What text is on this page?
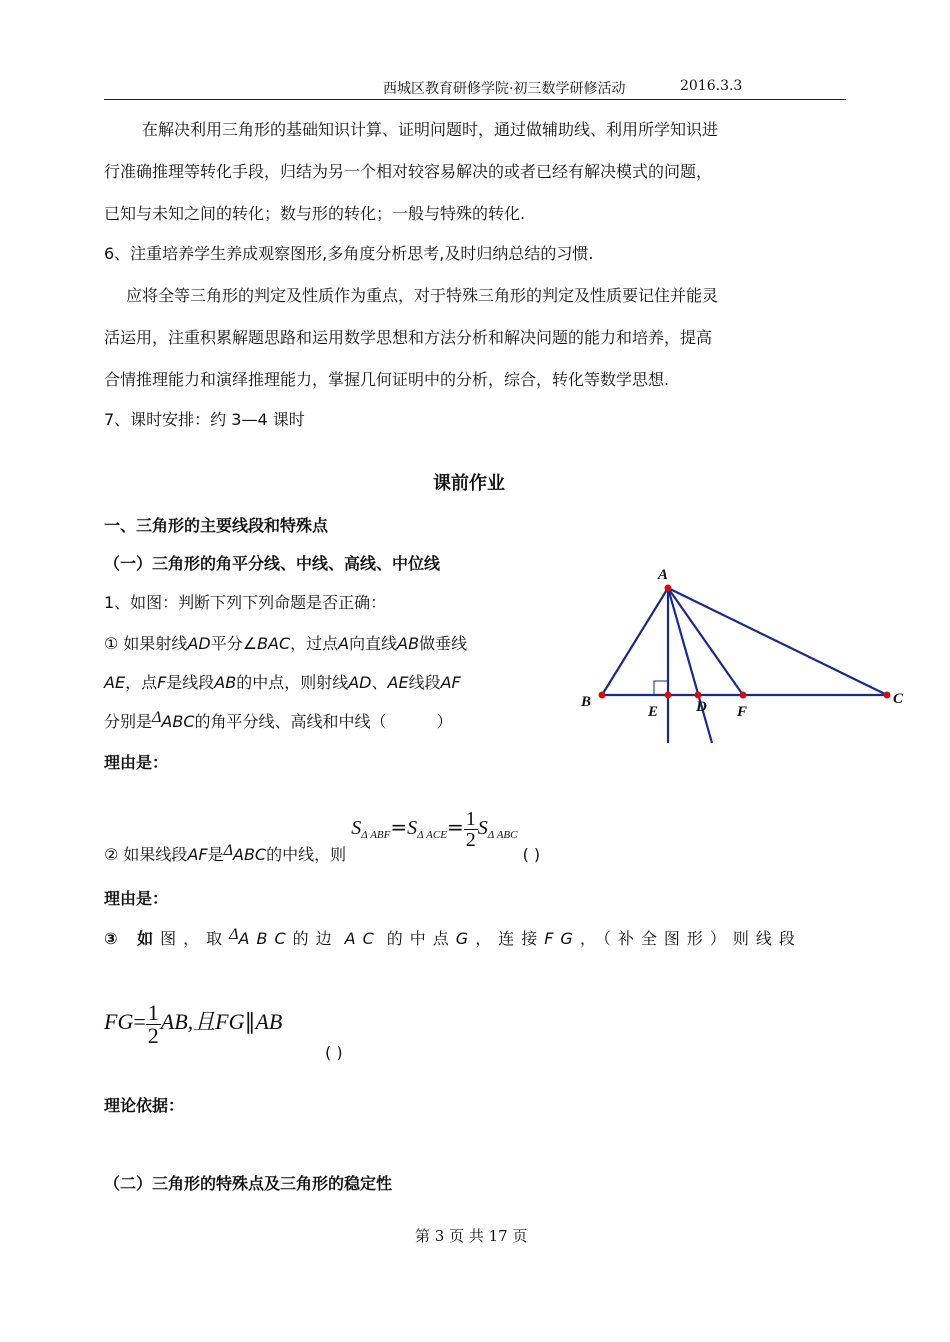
西城区教育研修学院·初三数学研修活动	2016.3.3
在解决利用三角形的基础知识计算、证明问题时，通过做辅助线、利用所学知识进
行准确推理等转化手段，归结为另一个相对较容易解决的或者已经有解决模式的问题，
已知与未知之间的转化；数与形的转化；一般与特殊的转化.
6、注重培养学生养成观察图形,多角度分析思考,及时归纳总结的习惯.
应将全等三角形的判定及性质作为重点，对于特殊三角形的判定及性质要记住并能灵
活运用，注重积累解题思路和运用数学思想和方法分析和解决问题的能力和培养，提高
合情推理能力和演绎推理能力，掌握几何证明中的分析，综合，转化等数学思想.
7、课时安排：约 3—4 课时
课前作业
一、三角形的主要线段和特殊点
（一）三角形的角平分线、中线、高线、中位线
1、如图：判断下列下列命题是否正确：
① 如果射线AD平分∠BAC，过点A向直线AB做垂线
AE，点F是线段AB的中点，则射线AD、AE线段AF
分别是ΔABC的角平分线、高线和中线（	）
理由是：
A
B	C
D
E	F
② 如果线段AF是ΔABC的中线，则 $S_{\Delta ABF}=S_{\Delta ACE}= \frac{1}{2} S_{\Delta ABC}$ ( )
理由是：
③ 如图，取ΔABC的边 AC 的中点G，连接FG，（补全图形）则线段
$FG= \frac{1}{2}$ AB,且FG∥AB
( )
理论依据：
（二）三角形的特殊点及三角形的稳定性
第 3 页 共 17 页
